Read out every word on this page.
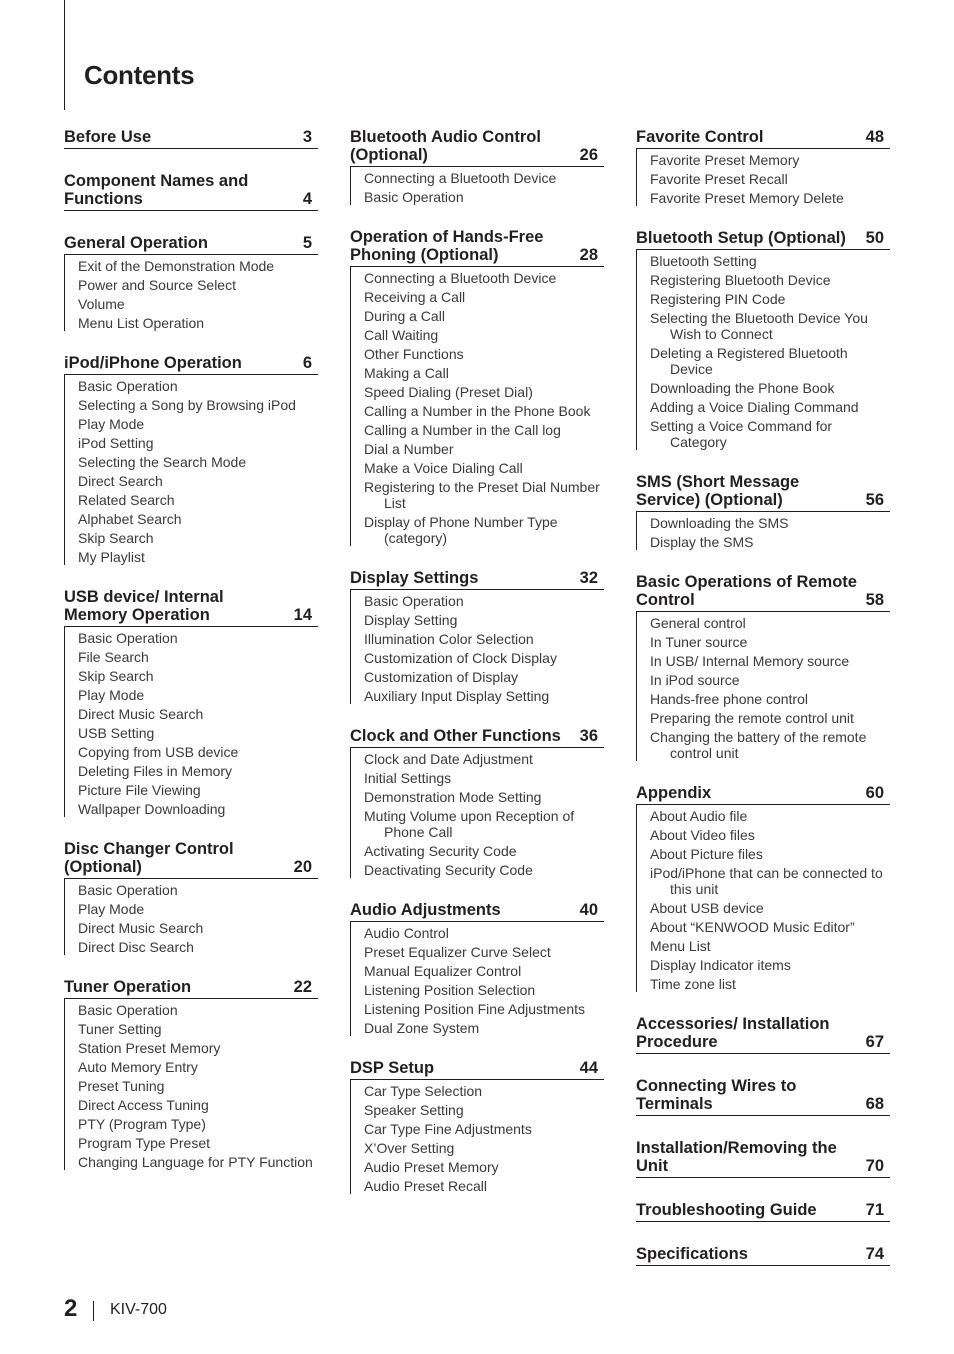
Contents
Before Use	3
Component Names and Functions	4
General Operation	5
Exit of the Demonstration Mode
Power and Source Select
Volume
Menu List Operation
iPod/iPhone Operation	6
Basic Operation
Selecting a Song by Browsing iPod
Play Mode
iPod Setting
Selecting the Search Mode
Direct Search
Related Search
Alphabet Search
Skip Search
My Playlist
USB device/ Internal Memory Operation	14
Basic Operation
File Search
Skip Search
Play Mode
Direct Music Search
USB Setting
Copying from USB device
Deleting Files in Memory
Picture File Viewing
Wallpaper Downloading
Disc Changer Control (Optional)	20
Basic Operation
Play Mode
Direct Music Search
Direct Disc Search
Tuner Operation	22
Basic Operation
Tuner Setting
Station Preset Memory
Auto Memory Entry
Preset Tuning
Direct Access Tuning
PTY (Program Type)
Program Type Preset
Changing Language for PTY Function
Bluetooth Audio Control (Optional)	26
Connecting a Bluetooth Device
Basic Operation
Operation of Hands-Free Phoning (Optional)	28
Connecting a Bluetooth Device
Receiving a Call
During a Call
Call Waiting
Other Functions
Making a Call
Speed Dialing (Preset Dial)
Calling a Number in the Phone Book
Calling a Number in the Call log
Dial a Number
Make a Voice Dialing Call
Registering to the Preset Dial Number List
Display of Phone Number Type (category)
Display Settings	32
Basic Operation
Display Setting
Illumination Color Selection
Customization of Clock Display
Customization of Display
Auxiliary Input Display Setting
Clock and Other Functions	36
Clock and Date Adjustment
Initial Settings
Demonstration Mode Setting
Muting Volume upon Reception of Phone Call
Activating Security Code
Deactivating Security Code
Audio Adjustments	40
Audio Control
Preset Equalizer Curve Select
Manual Equalizer Control
Listening Position Selection
Listening Position Fine Adjustments
Dual Zone System
DSP Setup	44
Car Type Selection
Speaker Setting
Car Type Fine Adjustments
X’Over Setting
Audio Preset Memory
Audio Preset Recall
Favorite Control	48
Favorite Preset Memory
Favorite Preset Recall
Favorite Preset Memory Delete
Bluetooth Setup (Optional)	50
Bluetooth Setting
Registering Bluetooth Device
Registering PIN Code
Selecting the Bluetooth Device You Wish to Connect
Deleting a Registered Bluetooth Device
Downloading the Phone Book
Adding a Voice Dialing Command
Setting a Voice Command for Category
SMS (Short Message Service) (Optional)	56
Downloading the SMS
Display the SMS
Basic Operations of Remote Control	58
General control
In Tuner source
In USB/ Internal Memory source
In iPod source
Hands-free phone control
Preparing the remote control unit
Changing the battery of the remote control unit
Appendix	60
About Audio file
About Video files
About Picture files
iPod/iPhone that can be connected to this unit
About USB device
About “KENWOOD Music Editor”
Menu List
Display Indicator items
Time zone list
Accessories/ Installation Procedure	67
Connecting Wires to Terminals	68
Installation/Removing the Unit	70
Troubleshooting Guide	71
Specifications	74
2 KIV-700
